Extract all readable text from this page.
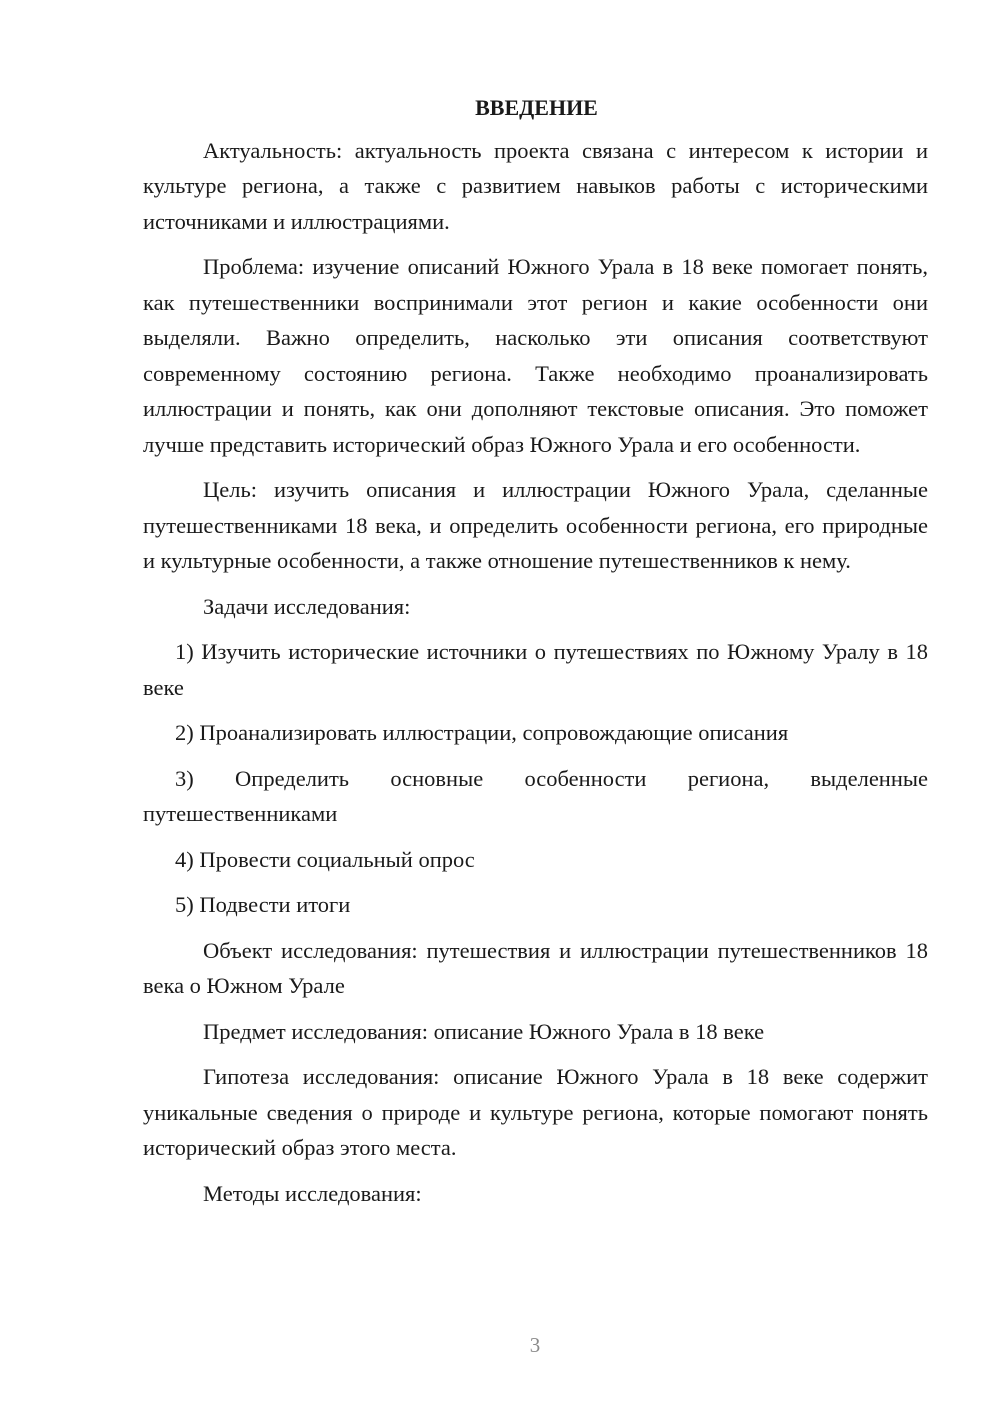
ВВЕДЕНИЕ

Актуальность: актуальность проекта связана с интересом к истории и культуре региона, а также с развитием навыков работы с историческими источниками и иллюстрациями.

Проблема: изучение описаний Южного Урала в 18 веке помогает понять, как путешественники воспринимали этот регион и какие особенности они выделяли. Важно определить, насколько эти описания соответствуют современному состоянию региона. Также необходимо проанализировать иллюстрации и понять, как они дополняют текстовые описания. Это поможет лучше представить исторический образ Южного Урала и его особенности.

Цель: изучить описания и иллюстрации Южного Урала, сделанные путешественниками 18 века, и определить особенности региона, его природные и культурные особенности, а также отношение путешественников к нему.

Задачи исследования:

1) Изучить исторические источники о путешествиях по Южному Уралу в 18 веке

2) Проанализировать иллюстрации, сопровождающие описания

3) Определить основные особенности региона, выделенные путешественниками

4) Провести социальный опрос

5) Подвести итоги

Объект исследования: путешествия и иллюстрации путешественников 18 века о Южном Урале

Предмет исследования: описание Южного Урала в 18 веке

Гипотеза исследования: описание Южного Урала в 18 веке содержит уникальные сведения о природе и культуре региона, которые помогают понять исторический образ этого места.

Методы исследования:

3
